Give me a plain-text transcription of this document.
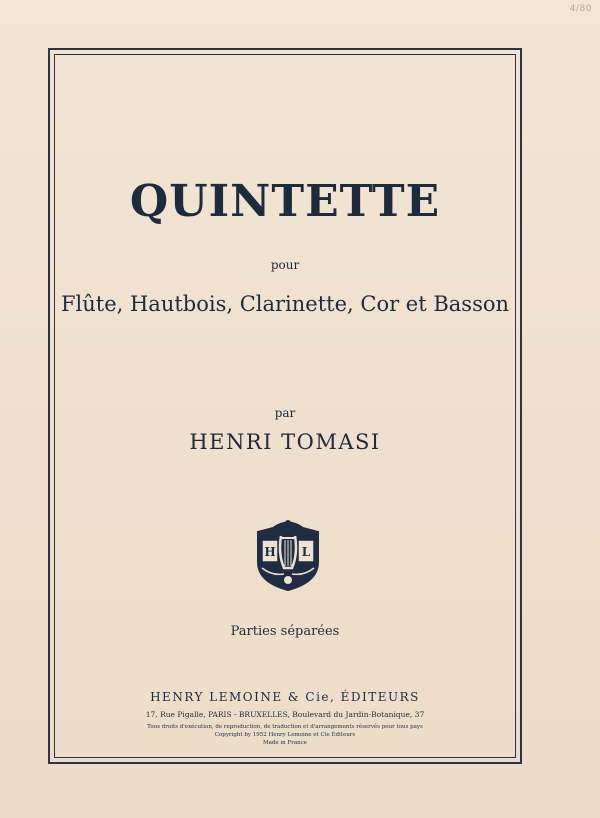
4/80
QUINTETTE
pour
Flûte, Hautbois, Clarinette, Cor et Basson
par
HENRI TOMASI
H L
Parties séparées
HENRY LEMOINE & Cie, ÉDITEURS
17, Rue Pigalle, PARIS - BRUXELLES, Boulevard du Jardin-Botanique, 37
Tous droits d'exécution, de reproduction, de traduction et d'arrangements réservés pour tous pays
Copyright by 1952 Henry Lemoine et Cie Éditeurs
Made in France
